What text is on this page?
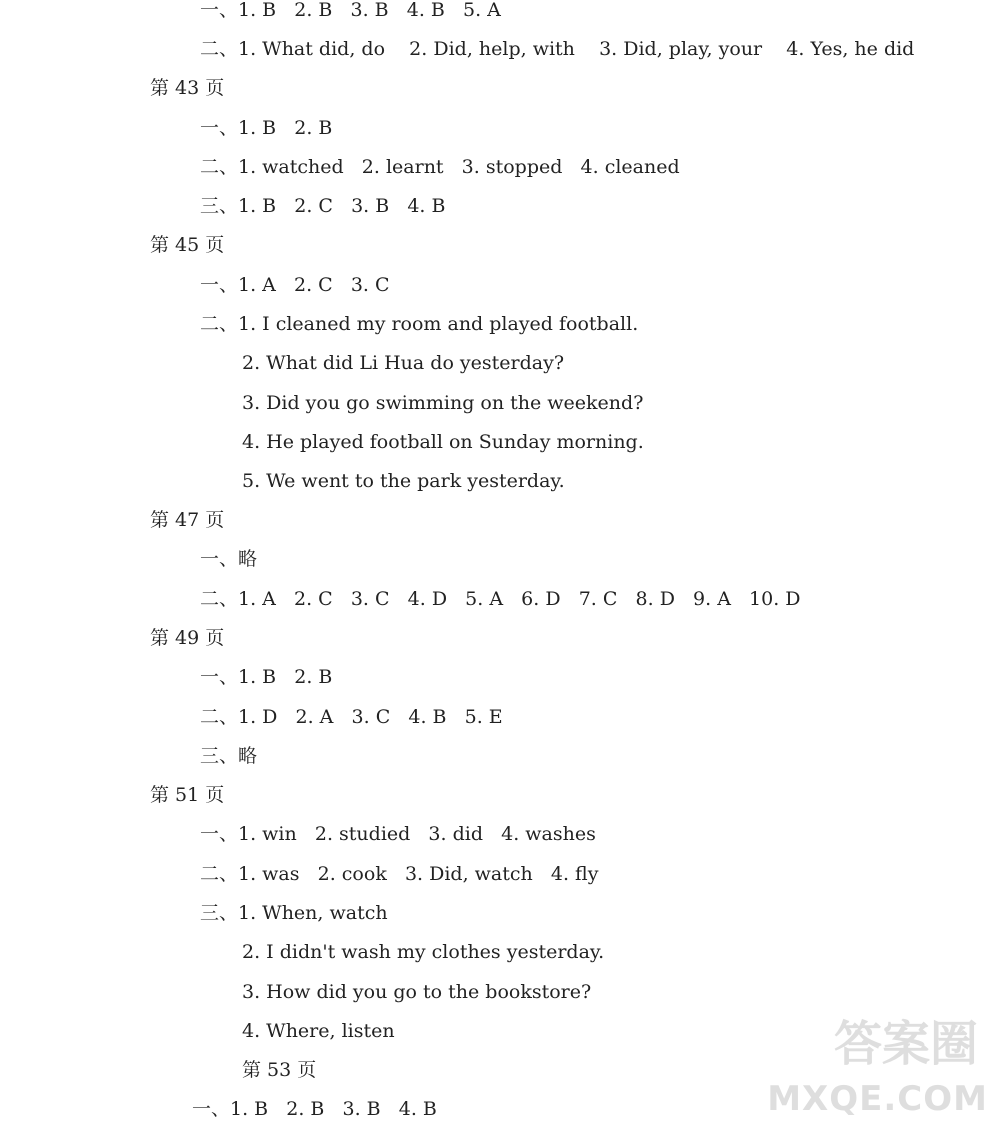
一、1. B   2. B   3. B   4. B   5. A
二、1. What did, do    2. Did, help, with    3. Did, play, your    4. Yes, he did
第 43 页
一、1. B   2. B
二、1. watched   2. learnt   3. stopped   4. cleaned
三、1. B   2. C   3. B   4. B
第 45 页
一、1. A   2. C   3. C
二、1. I cleaned my room and played football.
2. What did Li Hua do yesterday?
3. Did you go swimming on the weekend?
4. He played football on Sunday morning.
5. We went to the park yesterday.
第 47 页
一、略
二、1. A   2. C   3. C   4. D   5. A   6. D   7. C   8. D   9. A   10. D
第 49 页
一、1. B   2. B
二、1. D   2. A   3. C   4. B   5. E
三、略
第 51 页
一、1. win   2. studied   3. did   4. washes
二、1. was   2. cook   3. Did, watch   4. fly
三、1. When, watch
2. I didn't wash my clothes yesterday.
3. How did you go to the bookstore?
4. Where, listen
第 53 页
一、1. B   2. B   3. B   4. B
答案圈
MXQE.COM
